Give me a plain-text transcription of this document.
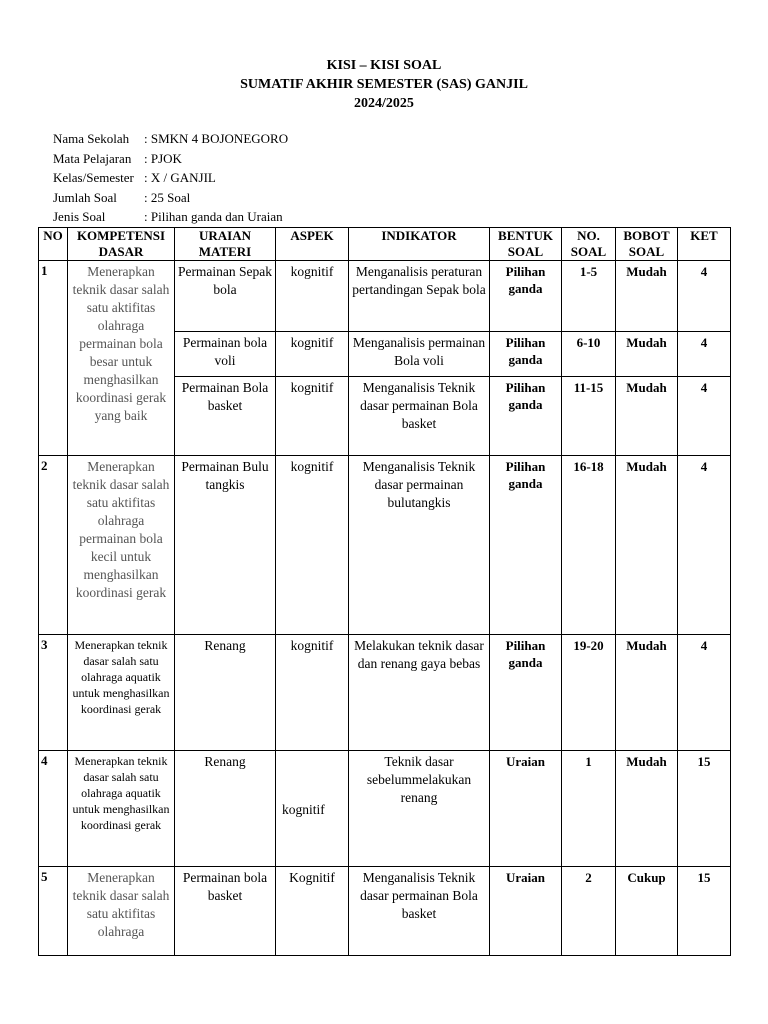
KISI – KISI SOAL
SUMATIF AKHIR SEMESTER (SAS) GANJIL
2024/2025
Nama Sekolah	: SMKN 4 BOJONEGORO
Mata Pelajaran : PJOK
Kelas/Semester : X / GANJIL
Jumlah Soal	: 25 Soal
Jenis Soal	: Pilihan ganda dan Uraian
NO	KOMPETENSI DASAR	URAIAN MATERI	ASPEK	INDIKATOR	BENTUK SOAL	NO. SOAL	BOBOT SOAL	KET
1	Menerapkan teknik dasar salah satu aktifitas olahraga permainan bola besar untuk menghasilkan koordinasi gerak yang baik	Permainan Sepak bola	kognitif	Menganalisis peraturan pertandingan Sepak bola	Pilihan ganda	1-5	Mudah	4
		Permainan bola voli	kognitif	Menganalisis permainan Bola voli	Pilihan ganda	6-10	Mudah	4
		Permainan Bola basket	kognitif	Menganalisis Teknik dasar permainan Bola basket	Pilihan ganda	11-15	Mudah	4
2	Menerapkan teknik dasar salah satu aktifitas olahraga permainan bola kecil untuk menghasilkan koordinasi gerak	Permainan Bulu tangkis	kognitif	Menganalisis Teknik dasar permainan bulutangkis	Pilihan ganda	16-18	Mudah	4
3	Menerapkan teknik dasar salah satu olahraga aquatik untuk menghasilkan koordinasi gerak	Renang	kognitif	Melakukan teknik dasar dan renang gaya bebas	Pilihan ganda	19-20	Mudah	4
4	Menerapkan teknik dasar salah satu olahraga aquatik untuk menghasilkan koordinasi gerak	Renang	kognitif	Teknik dasar sebelummelakukan renang	Uraian	1	Mudah	15
5	Menerapkan teknik dasar salah satu aktifitas olahraga	Permainan bola basket	Kognitif	Menganalisis Teknik dasar permainan Bola basket	Uraian	2	Cukup	15
